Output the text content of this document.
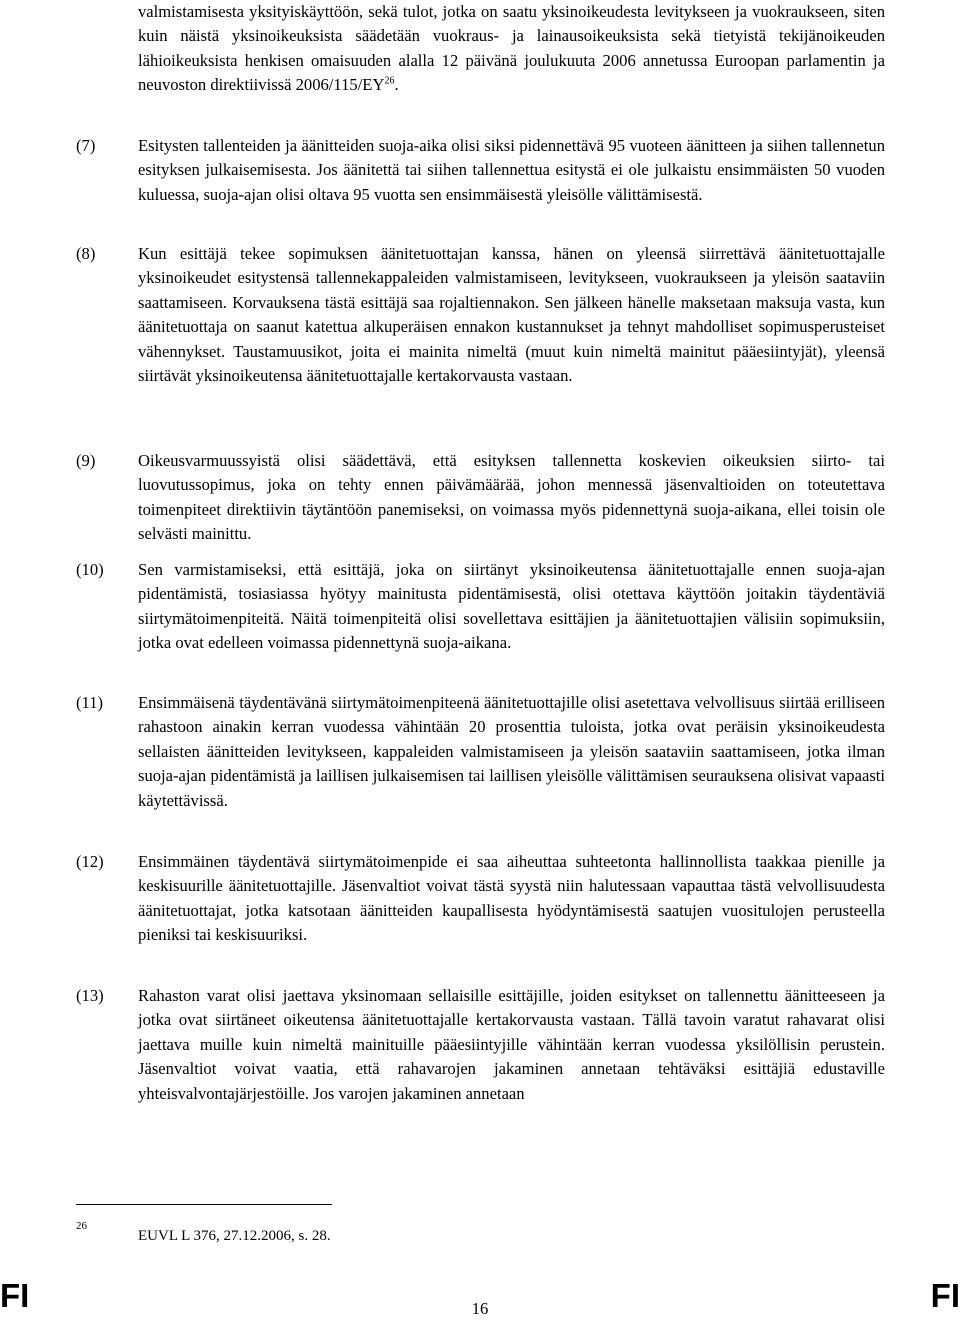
valmistamisesta yksityiskäyttöön, sekä tulot, jotka on saatu yksinoikeudesta levitykseen ja vuokraukseen, siten kuin näistä yksinoikeuksista säädetään vuokraus- ja lainausoikeuksista sekä tietyistä tekijänoikeuden lähioikeuksista henkisen omaisuuden alalla 12 päivänä joulukuuta 2006 annetussa Euroopan parlamentin ja neuvoston direktiivissä 2006/115/EY$^{26}$.
(7)	Esitysten tallenteiden ja äänitteiden suoja-aika olisi siksi pidennettävä 95 vuoteen äänitteen ja siihen tallennetun esityksen julkaisemisesta. Jos äänitettä tai siihen tallennettua esitystä ei ole julkaistu ensimmäisten 50 vuoden kuluessa, suoja-ajan olisi oltava 95 vuotta sen ensimmäisestä yleisölle välittämisestä.
(8)	Kun esittäjä tekee sopimuksen äänitetuottajan kanssa, hänen on yleensä siirrettävä äänitetuottajalle yksinoikeudet esitystensä tallennekappaleiden valmistamiseen, levitykseen, vuokraukseen ja yleisön saataviin saattamiseen. Korvauksena tästä esittäjä saa rojaltiennakon. Sen jälkeen hänelle maksetaan maksuja vasta, kun äänitetuottaja on saanut katettua alkuperäisen ennakon kustannukset ja tehnyt mahdolliset sopimusperusteiset vähennykset. Taustamuusikot, joita ei mainita nimeltä (muut kuin nimeltä mainitut pääesiintyjät), yleensä siirtävät yksinoikeutensa äänitetuottajalle kertakorvausta vastaan.
(9)	Oikeusvarmuussyistä olisi säädettävä, että esityksen tallennetta koskevien oikeuksien siirto- tai luovutussopimus, joka on tehty ennen päivämäärää, johon mennessä jäsenvaltioiden on toteutettava toimenpiteet direktiivin täytäntöön panemiseksi, on voimassa myös pidennettynä suoja-aikana, ellei toisin ole selvästi mainittu.
(10)	Sen varmistamiseksi, että esittäjä, joka on siirtänyt yksinoikeutensa äänitetuottajalle ennen suoja-ajan pidentämistä, tosiasiassa hyötyy mainitusta pidentämisestä, olisi otettava käyttöön joitakin täydentäviä siirtymätoimenpiteitä. Näitä toimenpiteitä olisi sovellettava esittäjien ja äänitetuottajien välisiin sopimuksiin, jotka ovat edelleen voimassa pidennettynä suoja-aikana.
(11)	Ensimmäisenä täydentävänä siirtymätoimenpiteenä äänitetuottajille olisi asetettava velvollisuus siirtää erilliseen rahastoon ainakin kerran vuodessa vähintään 20 prosenttia tuloista, jotka ovat peräisin yksinoikeudesta sellaisten äänitteiden levitykseen, kappaleiden valmistamiseen ja yleisön saataviin saattamiseen, jotka ilman suoja-ajan pidentämistä ja laillisen julkaisemisen tai laillisen yleisölle välittämisen seurauksena olisivat vapaasti käytettävissä.
(12)	Ensimmäinen täydentävä siirtymätoimenpide ei saa aiheuttaa suhteetonta hallinnollista taakkaa pienille ja keskisuurille äänitetuottajille. Jäsenvaltiot voivat tästä syystä niin halutessaan vapauttaa tästä velvollisuudesta äänitetuottajat, jotka katsotaan äänitteiden kaupallisesta hyödyntämisestä saatujen vuositulojen perusteella pieniksi tai keskisuuriksi.
(13)	Rahaston varat olisi jaettava yksinomaan sellaisille esittäjille, joiden esitykset on tallennettu äänitteeseen ja jotka ovat siirtäneet oikeutensa äänitetuottajalle kertakorvausta vastaan. Tällä tavoin varatut rahavarat olisi jaettava muille kuin nimeltä mainituille pääesiintyjille vähintään kerran vuodessa yksilöllisin perustein. Jäsenvaltiot voivat vaatia, että rahavarojen jakaminen annetaan tehtäväksi esittäjiä edustaville yhteisvalvontajärjestöille. Jos varojen jakaminen annetaan
26
EUVL L 376, 27.12.2006, s. 28.
FI	16	FI
